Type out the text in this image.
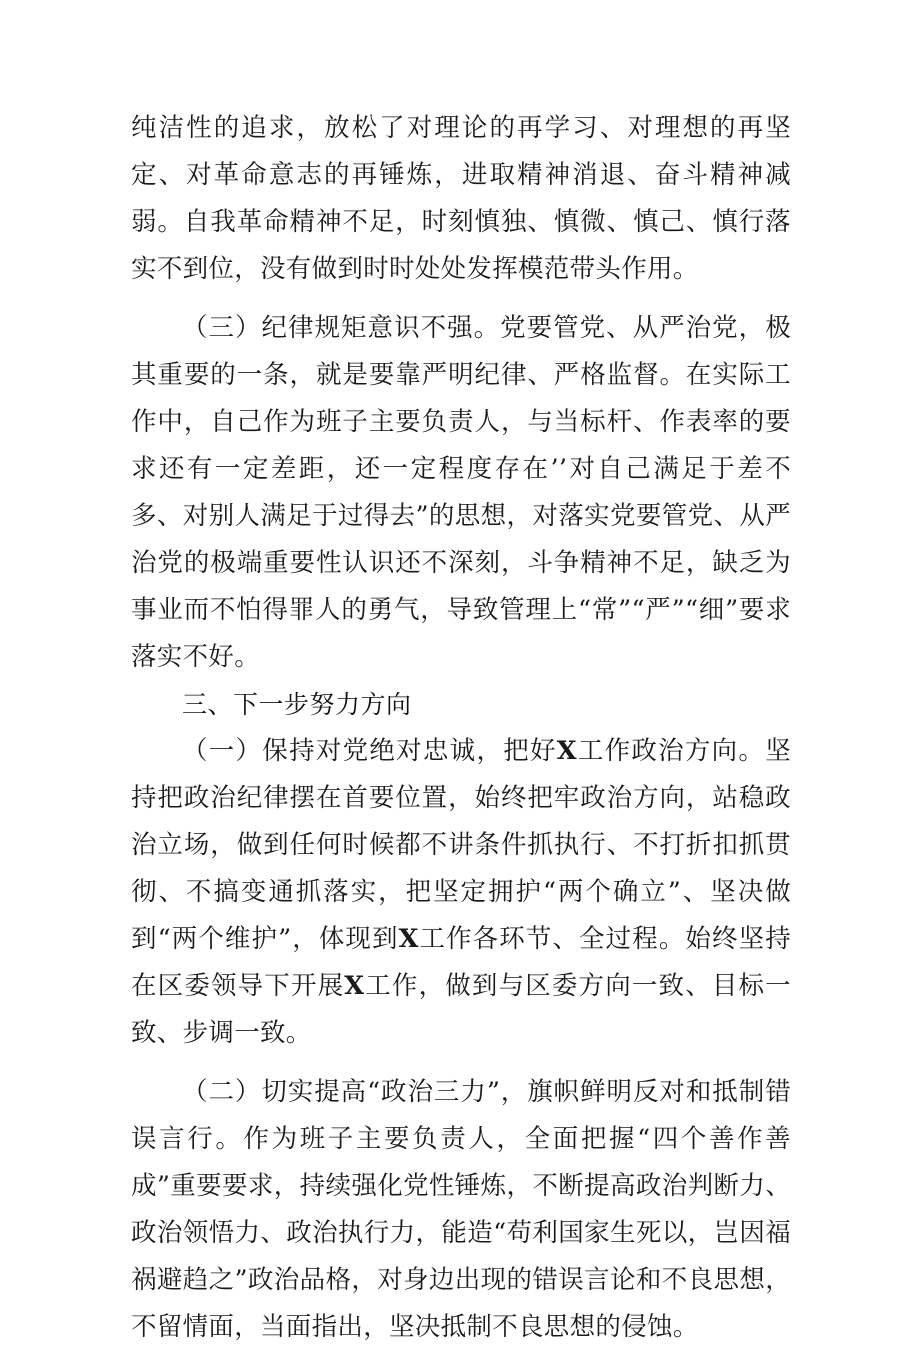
纯洁性的追求，放松了对理论的再学习、对理想的再坚定、对革命意志的再锤炼，进取精神消退、奋斗精神减弱。自我革命精神不足，时刻慎独、慎微、慎己、慎行落实不到位，没有做到时时处处发挥模范带头作用。

（三）纪律规矩意识不强。党要管党、从严治党，极其重要的一条，就是要靠严明纪律、严格监督。在实际工作中，自己作为班子主要负责人，与当标杆、作表率的要求还有一定差距，还一定程度存在’’对自己满足于差不多、对别人满足于过得去”的思想，对落实党要管党、从严治党的极端重要性认识还不深刻，斗争精神不足，缺乏为事业而不怕得罪人的勇气，导致管理上“常”“严”“细”要求落实不好。

三、下一步努力方向

（一）保持对党绝对忠诚，把好X工作政治方向。坚持把政治纪律摆在首要位置，始终把牢政治方向，站稳政治立场，做到任何时候都不讲条件抓执行、不打折扣抓贯彻、不搞变通抓落实，把坚定拥护“两个确立”、坚决做到“两个维护”，体现到X工作各环节、全过程。始终坚持在区委领导下开展X工作，做到与区委方向一致、目标一致、步调一致。

（二）切实提高“政治三力”，旗帜鲜明反对和抵制错误言行。作为班子主要负责人，全面把握“四个善作善成”重要要求，持续强化党性锤炼，不断提高政治判断力、政治领悟力、政治执行力，能造“苟利国家生死以，岂因福祸避趋之”政治品格，对身边出现的错误言论和不良思想，不留情面，当面指出，坚决抵制不良思想的侵蚀。
